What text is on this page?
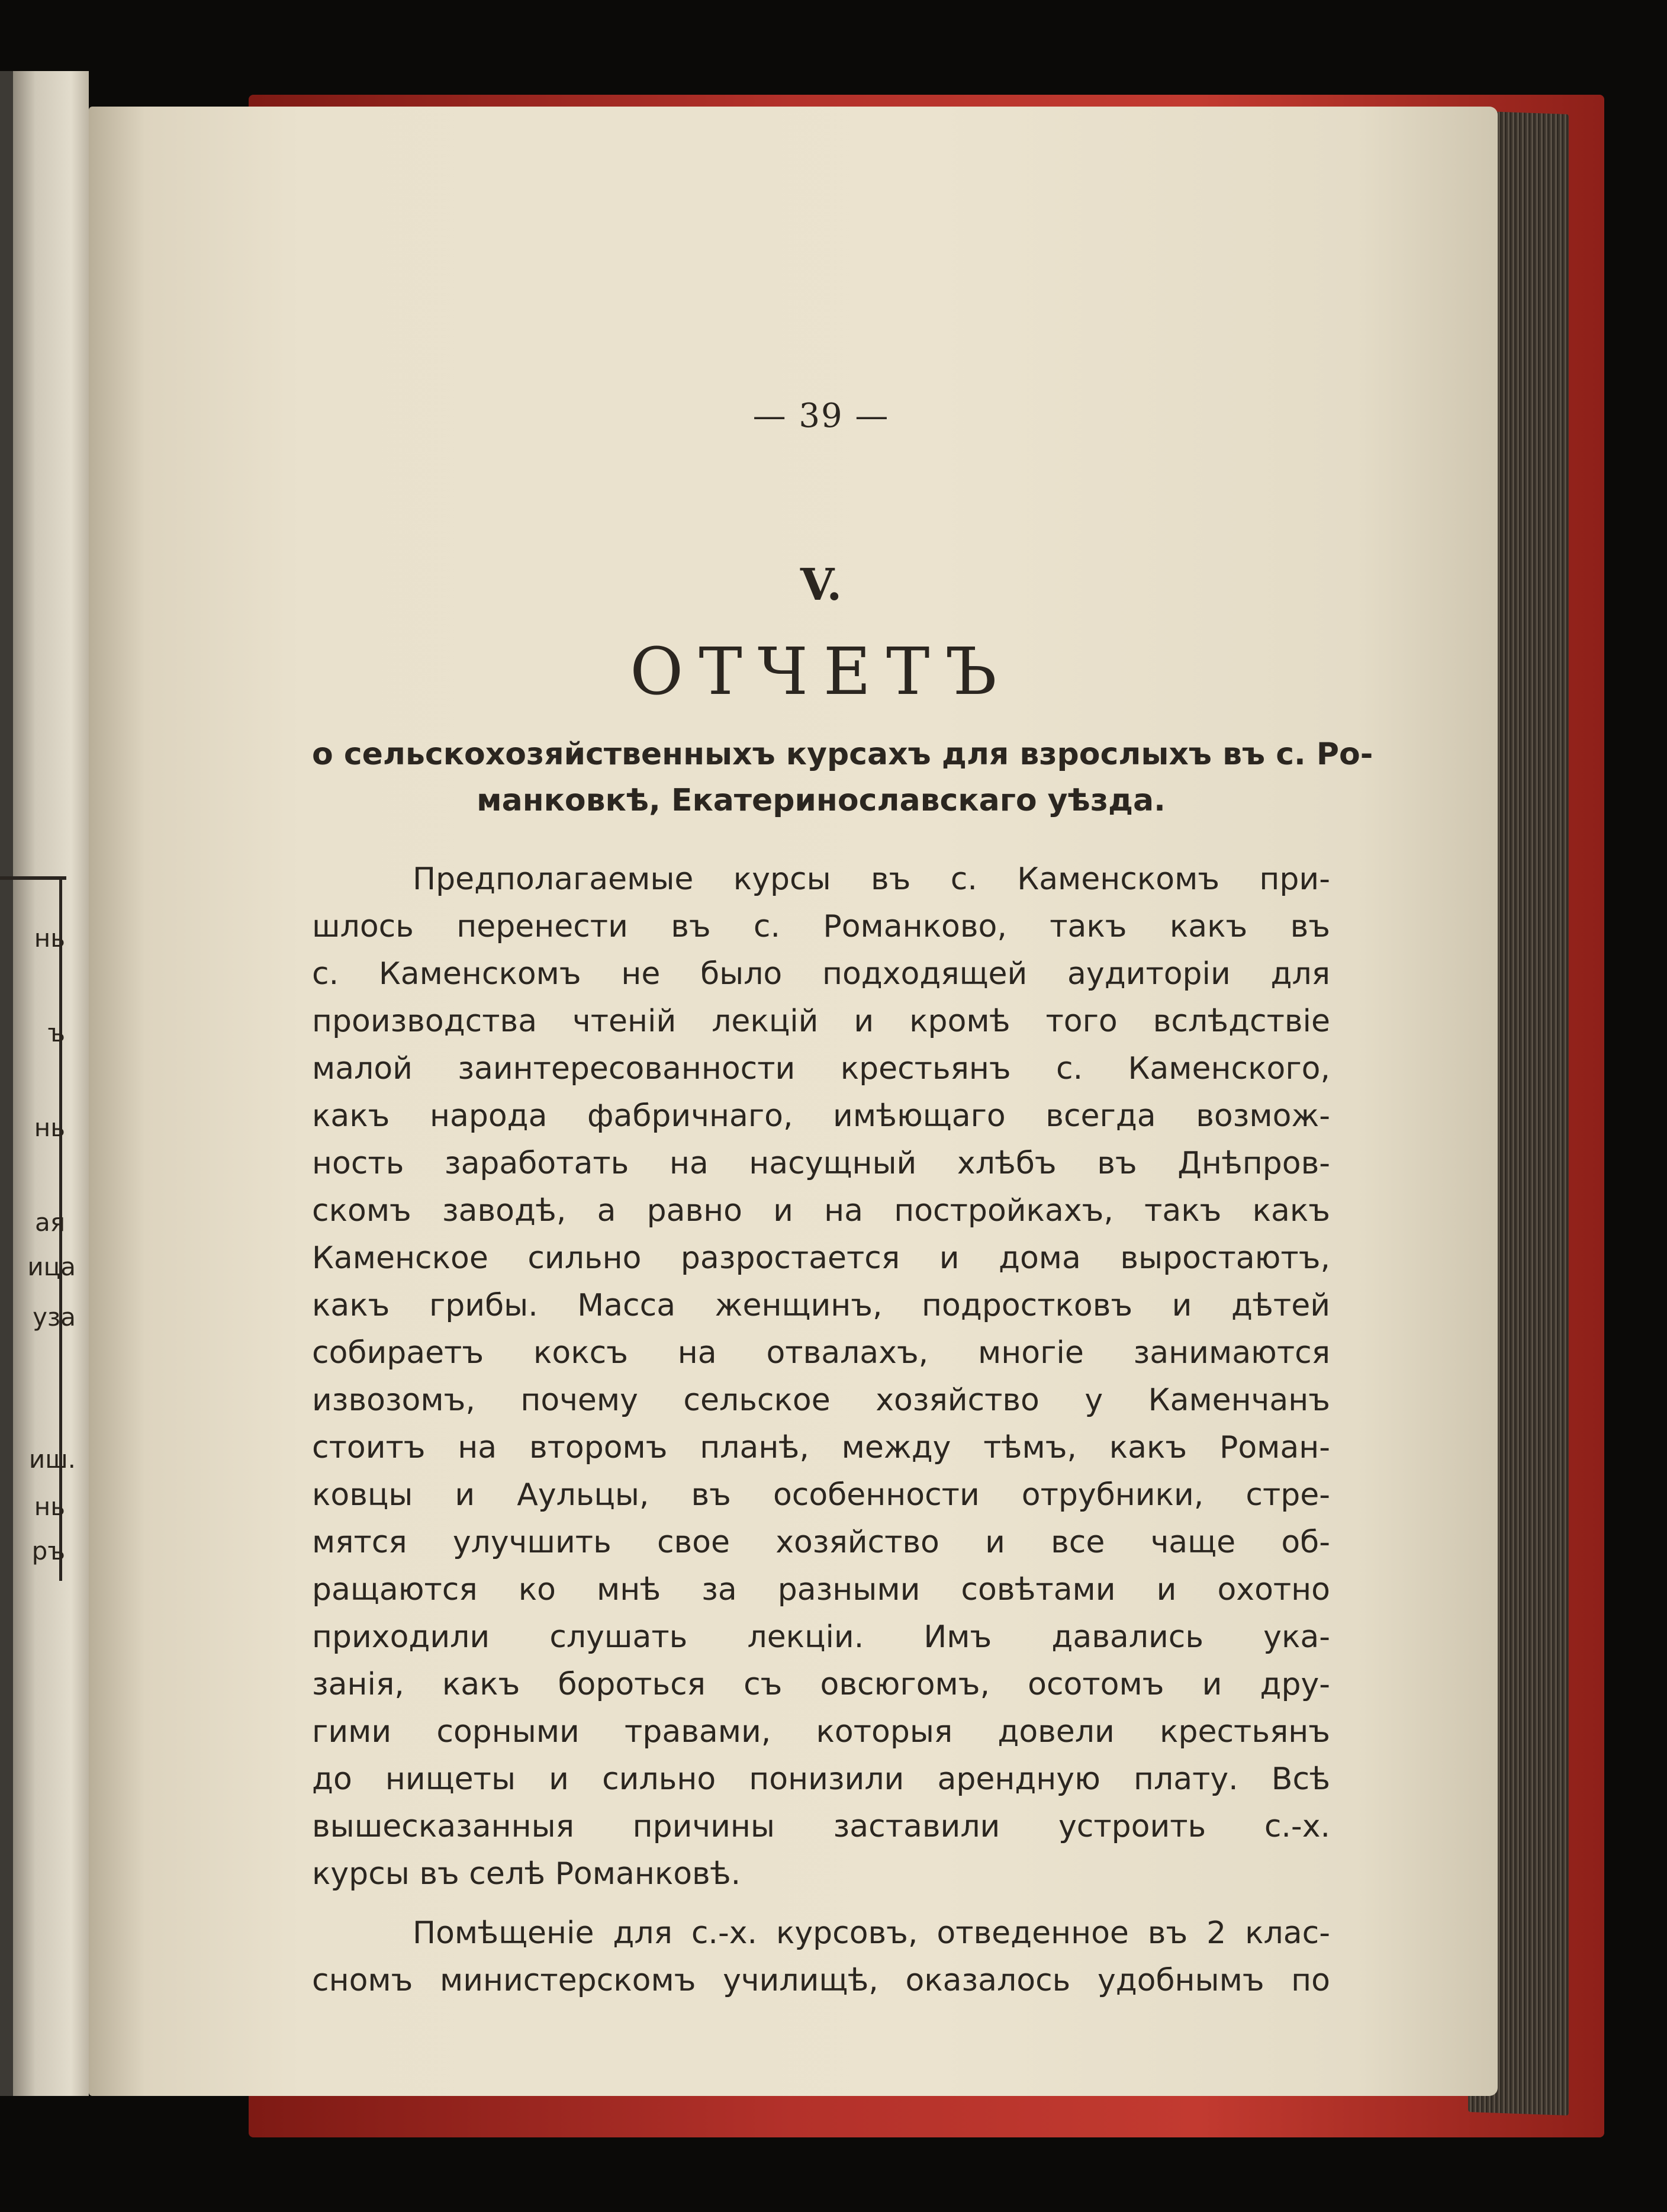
нь
ъ
нь
ая
ица
уза
иш.
нь
ръ
— 39 —
V.
ОТЧЕТЪ
о сельскохозяйственныхъ курсахъ для взрослыхъ въ с. Ро-
манковкѣ, Екатеринославскаго уѣзда.
Предполагаемые курсы въ с. Каменскомъ при-
шлось перенести въ с. Романково, такъ какъ въ
с. Каменскомъ не было подходящей аудиторіи для
производства чтеній лекцій и кромѣ того вслѣдствіе
малой заинтересованности крестьянъ с. Каменского,
какъ народа фабричнаго, имѣющаго всегда возмож-
ность заработать на насущный хлѣбъ въ Днѣпров-
скомъ заводѣ, а равно и на постройкахъ, такъ какъ
Каменское сильно разростается и дома выростаютъ,
какъ грибы. Масса женщинъ, подростковъ и дѣтей
собираетъ коксъ на отвалахъ, многіе занимаются
извозомъ, почему сельское хозяйство у Каменчанъ
стоитъ на второмъ планѣ, между тѣмъ, какъ Роман-
ковцы и Аульцы, въ особенности отрубники, стре-
мятся улучшить свое хозяйство и все чаще об-
ращаются ко мнѣ за разными совѣтами и охотно
приходили слушать лекціи. Имъ давались ука-
занія, какъ бороться съ овсюгомъ, осотомъ и дру-
гими сорными травами, которыя довели крестьянъ
до нищеты и сильно понизили арендную плату. Всѣ
вышесказанныя причины заставили устроить с.-х.
курсы въ селѣ Романковѣ.
Помѣщеніе для с.-х. курсовъ, отведенное въ 2 клас-
сномъ министерскомъ училищѣ, оказалось удобнымъ по
